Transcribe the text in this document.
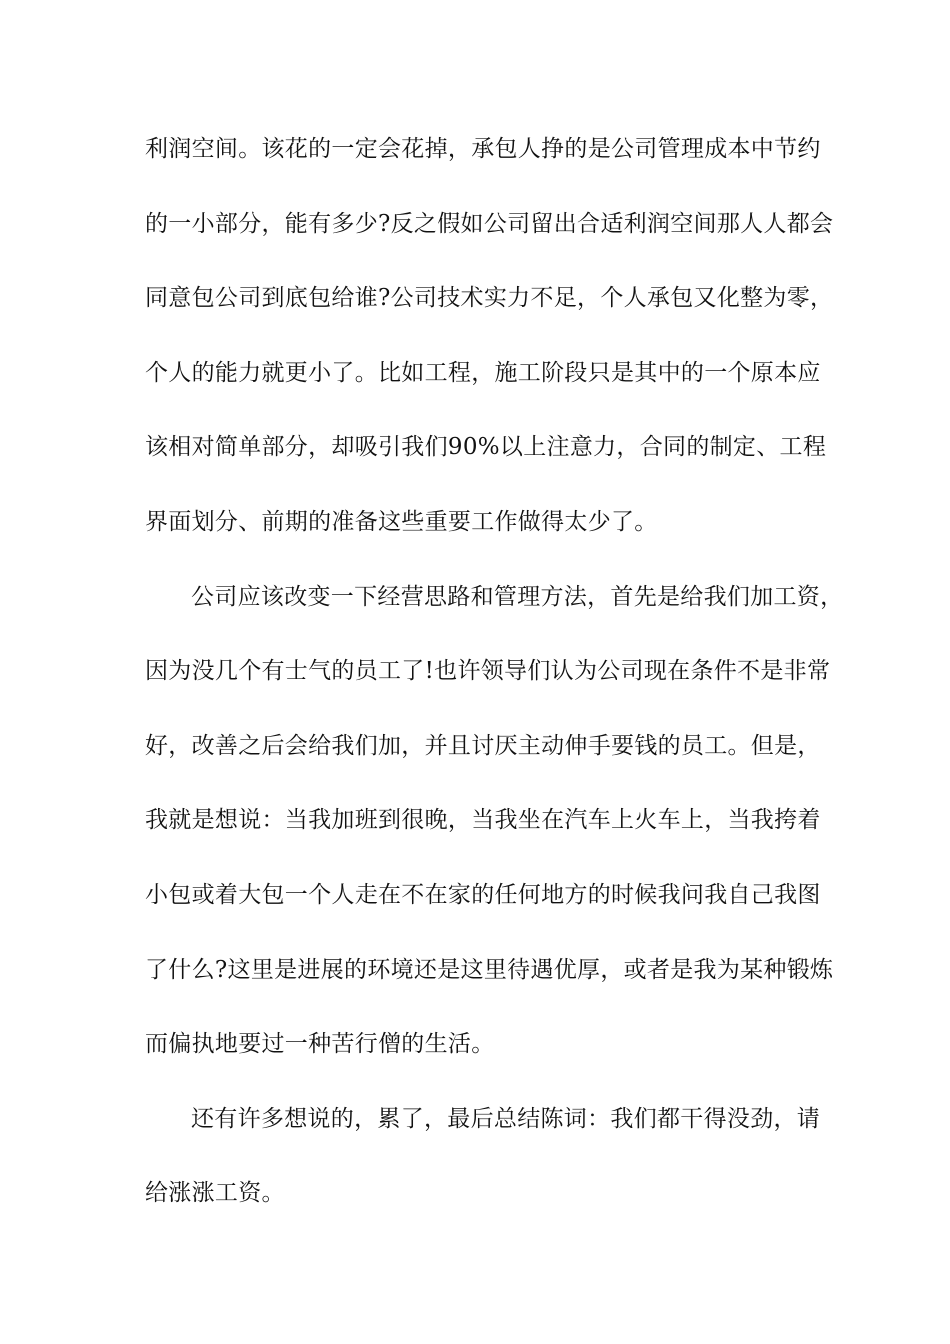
利润空间。该花的一定会花掉，承包人挣的是公司管理成本中节约
的一小部分，能有多少?反之假如公司留出合适利润空间那人人都会
同意包公司到底包给谁?公司技术实力不足，个人承包又化整为零，
个人的能力就更小了。比如工程，施工阶段只是其中的一个原本应
该相对简单部分，却吸引我们90%以上注意力，合同的制定、工程
界面划分、前期的准备这些重要工作做得太少了。
公司应该改变一下经营思路和管理方法，首先是给我们加工资，
因为没几个有士气的员工了!也许领导们认为公司现在条件不是非常
好，改善之后会给我们加，并且讨厌主动伸手要钱的员工。但是，
我就是想说：当我加班到很晚，当我坐在汽车上火车上，当我挎着
小包或着大包一个人走在不在家的任何地方的时候我问我自己我图
了什么?这里是进展的环境还是这里待遇优厚，或者是我为某种锻炼
而偏执地要过一种苦行僧的生活。
还有许多想说的，累了，最后总结陈词：我们都干得没劲，请
给涨涨工资。
